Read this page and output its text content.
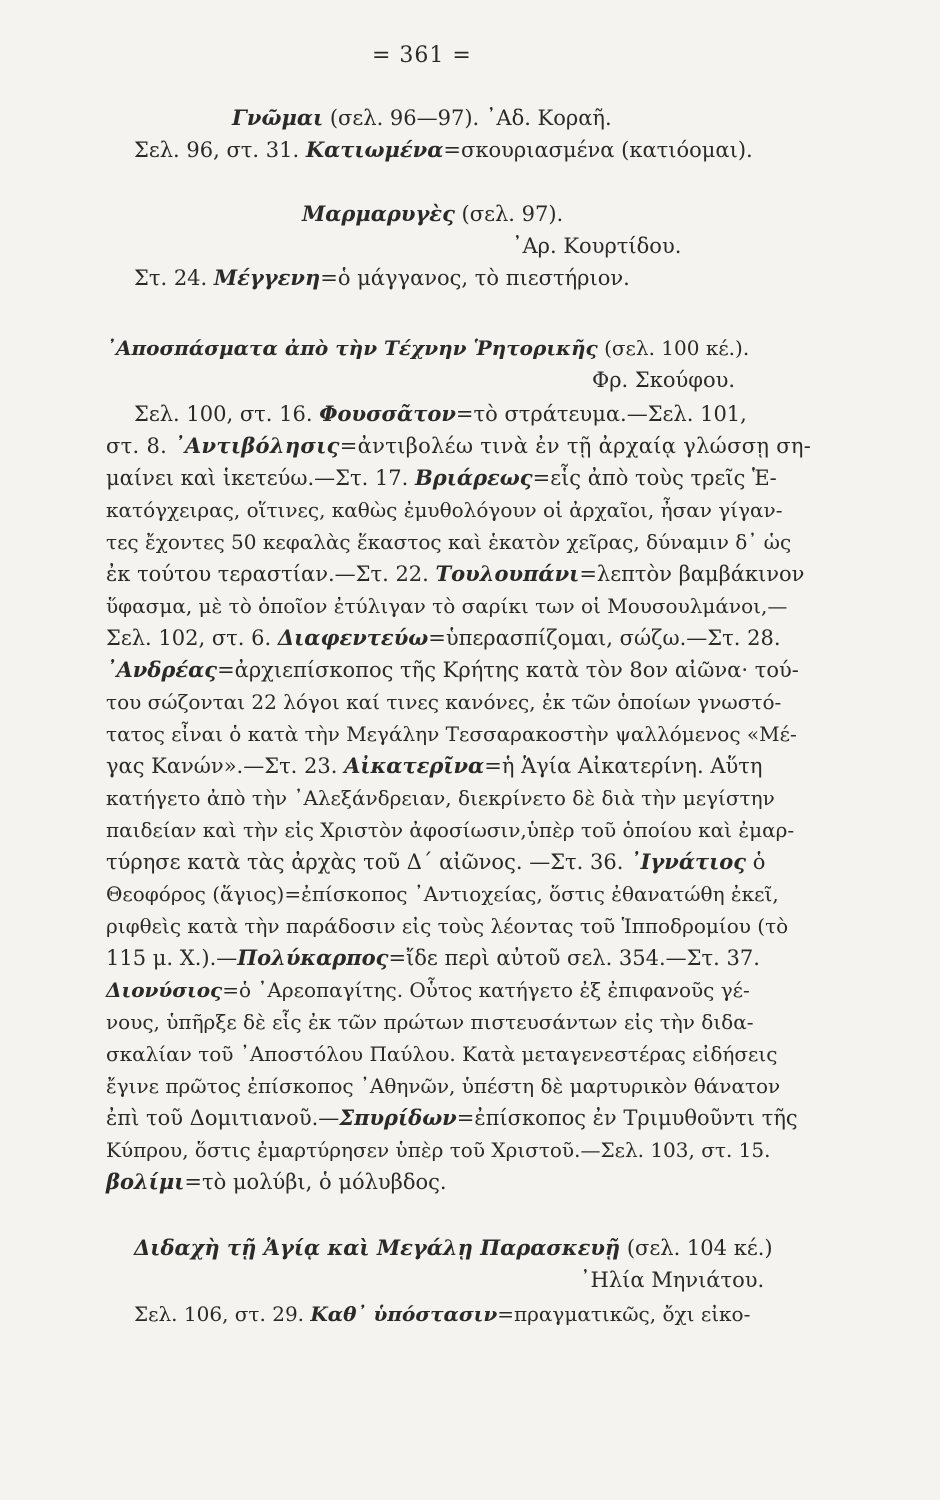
= 361 =
Γνῶμαι (σελ. 96—97). ᾿Αδ. Κοραῆ.
Σελ. 96, στ. 31. Κατιωμένα=σκουριασμένα (κατιόομαι).
Μαρμαρυγὲς (σελ. 97).
᾿Αρ. Κουρτίδου.
Στ. 24. Μέγγενη=ὁ μάγγανος, τὸ πιεστήριον.
᾿Αποσπάσματα ἀπὸ τὴν Τέχνην Ῥητορικῆς (σελ. 100 κέ.).
Φρ. Σκούφου.
Σελ. 100, στ. 16. Φουσσᾶτον=τὸ στράτευμα.—Σελ. 101,
στ. 8. ᾿Αντιβόλησις=ἀντιβολέω τινὰ ἐν τῇ ἀρχαίᾳ γλώσσῃ ση-
μαίνει καὶ ἱκετεύω.—Στ. 17. Βριάρεως=εἷς ἀπὸ τοὺς τρεῖς Ἑ-
κατόγχειρας, οἵτινες, καθὼς ἐμυθολόγουν οἱ ἀρχαῖοι, ἦσαν γίγαν-
τες ἔχοντες 50 κεφαλὰς ἕκαστος καὶ ἑκατὸν χεῖρας, δύναμιν δ᾿ ὡς
ἐκ τούτου τεραστίαν.—Στ. 22. Τουλουπάνι=λεπτὸν βαμβάκινον
ὕφασμα, μὲ τὸ ὁποῖον ἐτύλιγαν τὸ σαρίκι των οἱ Μουσουλμάνοι,—
Σελ. 102, στ. 6. Διαφεντεύω=ὑπερασπίζομαι, σώζω.—Στ. 28.
᾿Ανδρέας=ἀρχιεπίσκοπος τῆς Κρήτης κατὰ τὸν 8ον αἰῶνα· τού-
του σώζονται 22 λόγοι καί τινες κανόνες, ἐκ τῶν ὁποίων γνωστό-
τατος εἶναι ὁ κατὰ τὴν Μεγάλην Τεσσαρακοστὴν ψαλλόμενος «Μέ-
γας Κανών».—Στ. 23. Αἰκατερῖνα=ἡ Ἁγία Αἰκατερίνη. Αὕτη
κατήγετο ἀπὸ τὴν ᾿Αλεξάνδρειαν, διεκρίνετο δὲ διὰ τὴν μεγίστην
παιδείαν καὶ τὴν εἰς Χριστὸν ἀφοσίωσιν,ὑπὲρ τοῦ ὁποίου καὶ ἐμαρ-
τύρησε κατὰ τὰς ἀρχὰς τοῦ Δ´ αἰῶνος. —Στ. 36. ᾿Ιγνάτιος ὁ
Θεοφόρος (ἅγιος)=ἐπίσκοπος ᾿Αντιοχείας, ὅστις ἐθανατώθη ἐκεῖ,
ριφθεὶς κατὰ τὴν παράδοσιν εἰς τοὺς λέοντας τοῦ Ἱπποδρομίου (τὸ
115 μ. Χ.).—Πολύκαρπος=ἴδε περὶ αὐτοῦ σελ. 354.—Στ. 37.
Διονύσιος=ὁ ᾿Αρεοπαγίτης. Οὗτος κατήγετο ἐξ ἐπιφανοῦς γέ-
νους, ὑπῆρξε δὲ εἷς ἐκ τῶν πρώτων πιστευσάντων εἰς τὴν διδα-
σκαλίαν τοῦ ᾿Αποστόλου Παύλου. Κατὰ μεταγενεστέρας εἰδήσεις
ἔγινε πρῶτος ἐπίσκοπος ᾿Αθηνῶν, ὑπέστη δὲ μαρτυρικὸν θάνατον
ἐπὶ τοῦ Δομιτιανοῦ.—Σπυρίδων=ἐπίσκοπος ἐν Τριμυθοῦντι τῆς
Κύπρου, ὅστις ἐμαρτύρησεν ὑπὲρ τοῦ Χριστοῦ.—Σελ. 103, στ. 15.
βολίμι=τὸ μολύβι, ὁ μόλυβδος.
Διδαχὴ τῇ Ἁγίᾳ καὶ Μεγάλῃ Παρασκευῇ (σελ. 104 κέ.)
᾿Ηλία Μηνιάτου.
Σελ. 106, στ. 29. Καθ᾿ ὑπόστασιν=πραγματικῶς, ὄχι εἰκο-
